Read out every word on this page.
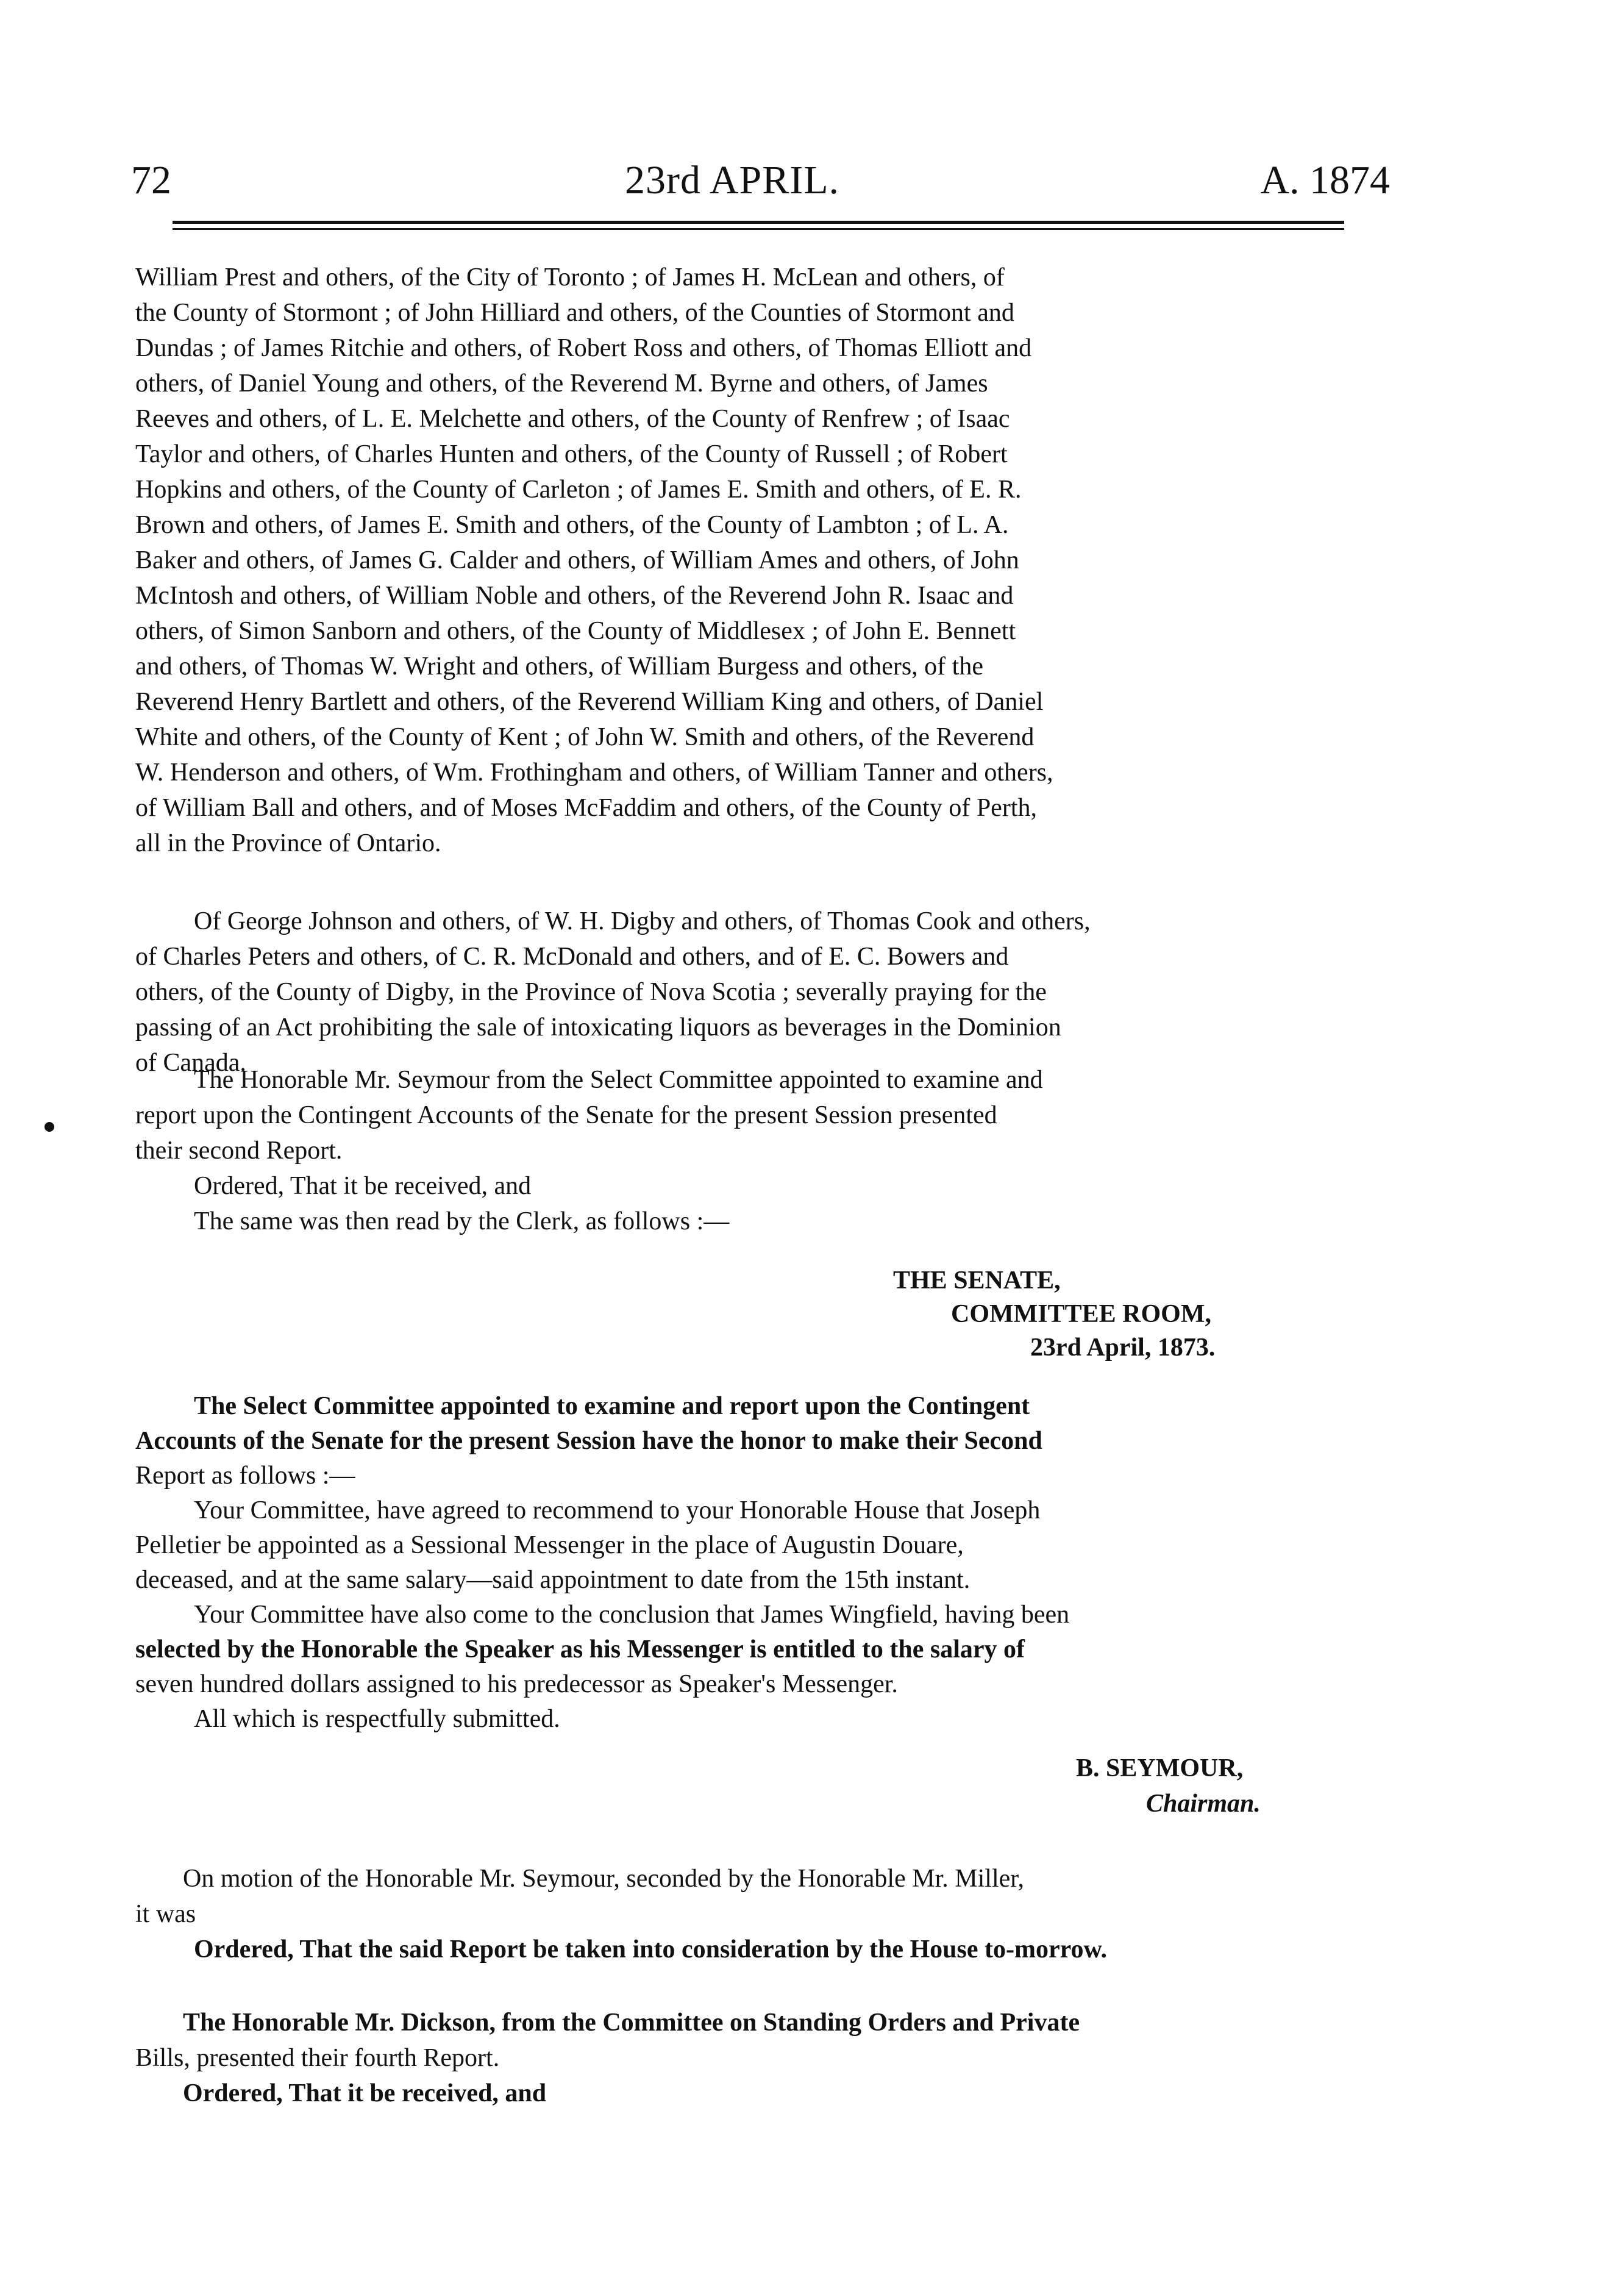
72	23rd APRIL.	A. 1874
William Prest and others, of the City of Toronto ; of James H. McLean and others, of
the County of Stormont ; of John Hilliard and others, of the Counties of Stormont and
Dundas ; of James Ritchie and others, of Robert Ross and others, of Thomas Elliott and
others, of Daniel Young and others, of the Reverend M. Byrne and others, of James
Reeves and others, of L. E. Melchette and others, of the County of Renfrew ; of Isaac
Taylor and others, of Charles Hunten and others, of the County of Russell ; of Robert
Hopkins and others, of the County of Carleton ; of James E. Smith and others, of E. R.
Brown and others, of James E. Smith and others, of the County of Lambton ; of L. A.
Baker and others, of James G. Calder and others, of William Ames and others, of John
McIntosh and others, of William Noble and others, of the Reverend John R. Isaac and
others, of Simon Sanborn and others, of the County of Middlesex ; of John E. Bennett
and others, of Thomas W. Wright and others, of William Burgess and others, of the
Reverend Henry Bartlett and others, of the Reverend William King and others, of Daniel
White and others, of the County of Kent ; of John W. Smith and others, of the Reverend
W. Henderson and others, of Wm. Frothingham and others, of William Tanner and others,
of William Ball and others, and of Moses McFaddim and others, of the County of Perth,
all in the Province of Ontario.
Of George Johnson and others, of W. H. Digby and others, of Thomas Cook and others,
of Charles Peters and others, of C. R. McDonald and others, and of E. C. Bowers and
others, of the County of Digby, in the Province of Nova Scotia ; severally praying for the
passing of an Act prohibiting the sale of intoxicating liquors as beverages in the Dominion
of Canada.
The Honorable Mr. Seymour from the Select Committee appointed to examine and
report upon the Contingent Accounts of the Senate for the present Session presented
their second Report.
Ordered, That it be received, and
The same was then read by the Clerk, as follows :—
THE SENATE,
COMMITTEE ROOM,
23rd April, 1873.
The Select Committee appointed to examine and report upon the Contingent
Accounts of the Senate for the present Session have the honor to make their Second
Report as follows :—
Your Committee, have agreed to recommend to your Honorable House that Joseph
Pelletier be appointed as a Sessional Messenger in the place of Augustin Douare,
deceased, and at the same salary—said appointment to date from the 15th instant.
Your Committee have also come to the conclusion that James Wingfield, having been
selected by the Honorable the Speaker as his Messenger is entitled to the salary of
seven hundred dollars assigned to his predecessor as Speaker's Messenger.
All which is respectfully submitted.
B. SEYMOUR,
Chairman.
On motion of the Honorable Mr. Seymour, seconded by the Honorable Mr. Miller,
it was
Ordered, That the said Report be taken into consideration by the House to-morrow.
The Honorable Mr. Dickson, from the Committee on Standing Orders and Private
Bills, presented their fourth Report.
Ordered, That it be received, and
